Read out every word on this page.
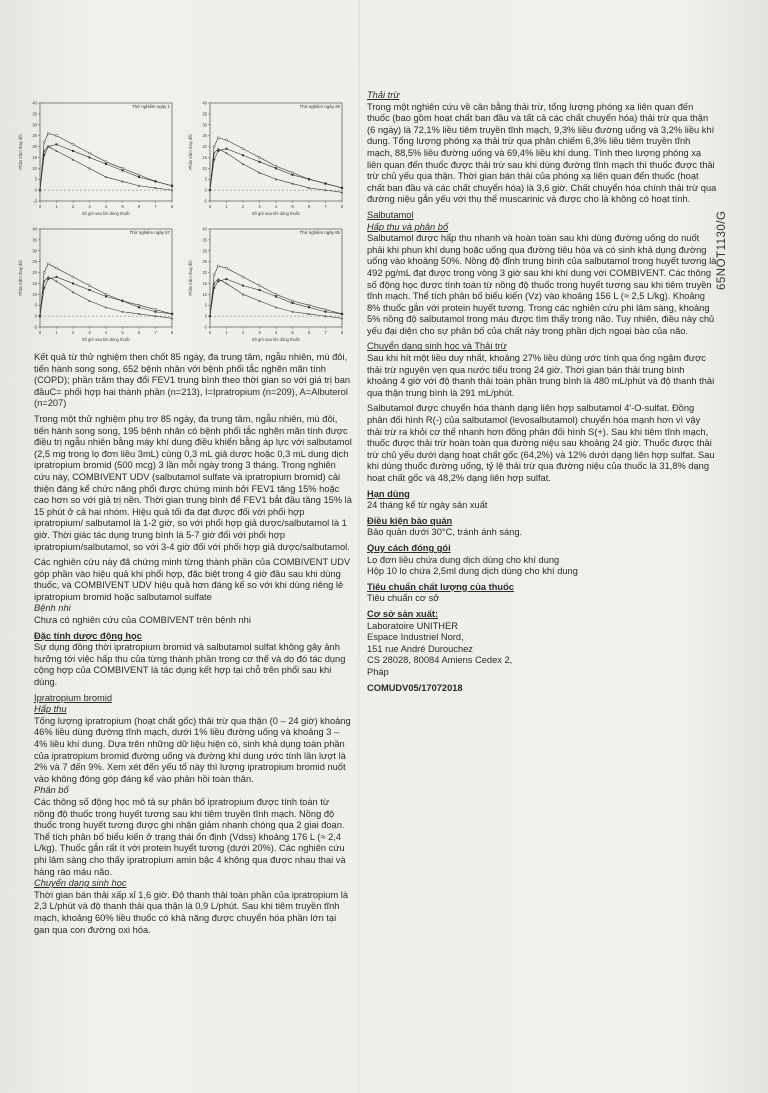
-5
0
5
10
15
20
25
30
35
40
0	1	2	3	4	5	6	7	8
Số giờ sau khi dùng thuốc
Phần trăm thay đổi
Thử nghiệm ngày 1
-5
0
5
10
15
20
25
30
35
40
0	1	2	3	4	5	6	7	8
Số giờ sau khi dùng thuốc
Phần trăm thay đổi
Thử nghiệm ngày 29
-5
0
5
10
15
20
25
30
35
40
0	1	2	3	4	5	6	7	8
Số giờ sau khi dùng thuốc
Phần trăm thay đổi
Thử nghiệm ngày 57
-5
0
5
10
15
20
25
30
35
40
0	1	2	3	4	5	6	7	8
Số giờ sau khi dùng thuốc
Phần trăm thay đổi
Thử nghiệm ngày 85

Kết quả từ thử nghiệm then chốt 85 ngày, đa trung tâm, ngẫu nhiên, mù đôi, tiến hành song song, 652 bệnh nhân với bệnh phổi tắc nghẽn mãn tính (COPD); phần trăm thay đổi FEV1 trung bình theo thời gian so với giá trị ban đầuC= phối hợp hai thành phần (n=213), I=Ipratropium (n=209), A=Albuterol (n=207)

Trong một thử nghiệm phụ trợ 85 ngày, đa trung tâm, ngẫu nhiên, mù đôi, tiến hành song song, 195 bệnh nhân có bệnh phổi tắc nghẽn mãn tính được điều trị ngẫu nhiên bằng máy khí dung điều khiển bằng áp lực với salbutamol (2,5 mg trong lọ đơn liều 3mL) cùng 0,3 mL giả dược hoặc 0,3 mL dung dịch ipratropium bromid (500 mcg) 3 lần mỗi ngày trong 3 tháng. Trong nghiên cứu này, COMBIVENT UDV (salbutamol sulfate và ipratropium bromid) cải thiện đáng kể chức năng phổi được chứng minh bởi FEV1 tăng 15% hoặc cao hơn so với giả trị nền. Thời gian trung bình để FEV1 bắt đầu tăng 15% là 15 phút ở cả hai nhóm. Hiệu quả tối đa đạt được đối với phối hợp ipratropium/ salbutamol là 1-2 giờ, so với phối hợp giả dược/salbutamol là 1 giờ. Thời giác tác dụng trung bình là 5-7 giờ đối với phối hợp ipratropium/salbutamol, so với 3-4 giờ đối với phối hợp giả dược/salbutamol.

Các nghiên cứu này đã chứng minh từng thành phần của COMBIVENT UDV góp phần vào hiệu quả khi phối hợp, đặc biệt trong 4 giờ đầu sau khi dùng thuốc, và COMBIVENT UDV hiệu quả hơn đáng kể so với khi dùng riêng lẻ ipratropium bromid hoặc salbutamol sulfate

Bệnh nhi

Chưa có nghiên cứu của COMBIVENT trên bệnh nhi

Đặc tính dược động học

Sự dụng đồng thời ipratropium bromid và salbutamol sulfat không gây ảnh hưởng tới việc hấp thu của từng thành phần trong cơ thể và do đó tác dụng cộng hợp của COMBIVENT là tác dụng kết hợp tại chỗ trên phổi sau khi dùng.

Ipratropium bromid

Hấp thu

Tổng lượng ipratropium (hoạt chất gốc) thải trừ qua thận (0 – 24 giờ) khoảng 46% liều dùng đường tĩnh mạch, dưới 1% liều đường uống và khoảng 3 – 4% liều khí dung. Dựa trên những dữ liệu hiện có, sinh khả dụng toàn phần của ipratropium bromid đường uống và đường khí dung ước tính lần lượt là 2% và 7 đến 9%. Xem xét đến yếu tố này thì lượng ipratropium bromid nuốt vào không đóng góp đáng kể vào phản hồi toàn thân.

Phân bố

Các thông số động học mô tả sự phân bố ipratropium được tính toán từ nồng độ thuốc trong huyết tương sau khi tiêm truyền tĩnh mạch. Nồng độ thuốc trong huyết tương được ghi nhận giảm nhanh chóng qua 2 giai đoạn. Thể tích phân bố biểu kiến ở trạng thái ổn định (Vdss) khoảng 176 L (≈ 2,4 L/kg). Thuốc gắn rất ít với protein huyết tương (dưới 20%). Các nghiên cứu phi lâm sàng cho thấy ipratropium amin bậc 4 không qua được nhau thai và hàng rào máu não.

Chuyển dạng sinh học

Thời gian bán thải xấp xỉ 1,6 giờ. Độ thanh thải toàn phần của ipratropium là 2,3 L/phút và độ thanh thải qua thận là 0,9 L/phút. Sau khi tiêm truyền tĩnh mạch, khoảng 60% liều thuốc có khả năng được chuyển hóa phần lớn tại gan qua con đường oxi hóa.

Thải trừ

Trong một nghiên cứu về cân bằng thải trừ, tổng lượng phóng xạ liên quan đến thuốc (bao gồm hoạt chất ban đầu và tất cả các chất chuyển hóa) thải trừ qua thận (6 ngày) là 72,1% liều tiêm truyền tĩnh mạch, 9,3% liều đường uống và 3,2% liều khí dung. Tổng lượng phóng xạ thải trừ qua phân chiếm 6,3% liều tiêm truyền tĩnh mạch, 88,5% liều đường uống và 69,4% liều khí dung. Tính theo lượng phóng xạ liên quan đến thuốc được thải trừ sau khi dùng đường tĩnh mạch thì thuốc được thải trừ chủ yếu qua thận. Thời gian bán thải của phóng xạ liên quan đến thuốc (hoạt chất ban đầu và các chất chuyển hóa) là 3,6 giờ. Chất chuyển hóa chính thải trừ qua đường niệu gắn yếu với thụ thể muscarinic và được cho là không có hoạt tính.

Salbutamol

Hấp thu và phân bố

Salbutamol được hấp thu nhanh và hoàn toàn sau khi dùng đường uống do nuốt phải khi phun khí dung hoặc uống qua đường tiêu hóa và có sinh khả dụng đường uống vào khoảng 50%. Nồng độ đỉnh trung bình của salbutamol trong huyết tương là 492 pg/mL đạt được trong vòng 3 giờ sau khi khí dung với COMBIVENT. Các thông số động học được tính toán từ nồng độ thuốc trong huyết tương sau khi tiêm truyền tĩnh mạch. Thể tích phân bố biểu kiến (Vz) vào khoảng 156 L (≈ 2,5 L/kg). Khoảng 8% thuốc gắn với protein huyết tương. Trong các nghiên cứu phi lâm sàng, khoảng 5% nồng độ salbutamol trong máu được tìm thấy trong não. Tuy nhiên, điều này chủ yếu đại diện cho sự phân bố của chất này trong phần dịch ngoại bào của não.

Chuyển dạng sinh học và Thải trừ

Sau khi hít một liều duy nhất, khoảng 27% liều dùng ước tính qua ống ngậm được thải trừ nguyên vẹn qua nước tiểu trong 24 giờ. Thời gian bán thải trung bình khoảng 4 giờ với độ thanh thải toàn phần trung bình là 480 mL/phút và độ thanh thải qua thận trung bình là 291 mL/phút.

Salbutamol được chuyển hóa thành dạng liên hợp salbutamol 4'-O-sulfat. Đồng phân đối hình R(-) của salbutamol (levosalbutamol) chuyển hóa mạnh hơn vì vậy thải trừ ra khỏi cơ thể nhanh hơn đồng phân đối hình S(+). Sau khi tiêm tĩnh mạch, thuốc được thải trừ hoàn toàn qua đường niệu sau khoảng 24 giờ. Thuốc được thải trừ chủ yếu dưới dạng hoạt chất gốc (64,2%) và 12% dưới dạng liên hợp sulfat. Sau khi dùng thuốc đường uống, tỷ lệ thải trừ qua đường niệu của thuốc là 31,8% dạng hoạt chất gốc và 48,2% dạng liên hợp sulfat.

Hạn dùng

24 tháng kể từ ngày sản xuất

Điều kiện bảo quản

Bảo quản dưới 30°C, tránh ánh sáng.

Quy cách đóng gói

Lọ đơn liều chứa dung dịch dùng cho khí dung

Hộp 10 lọ chứa 2,5ml dung dịch dùng cho khí dung

Tiêu chuẩn chất lượng của thuốc

Tiêu chuẩn cơ sở

Cơ sở sản xuất:

Laboratoire UNITHER

Espace Industriel Nord,

151 rue André Durouchez

CS 28028, 80084 Amiens Cedex 2,

Pháp

COMUDV05/17072018

65NOT1130/G
